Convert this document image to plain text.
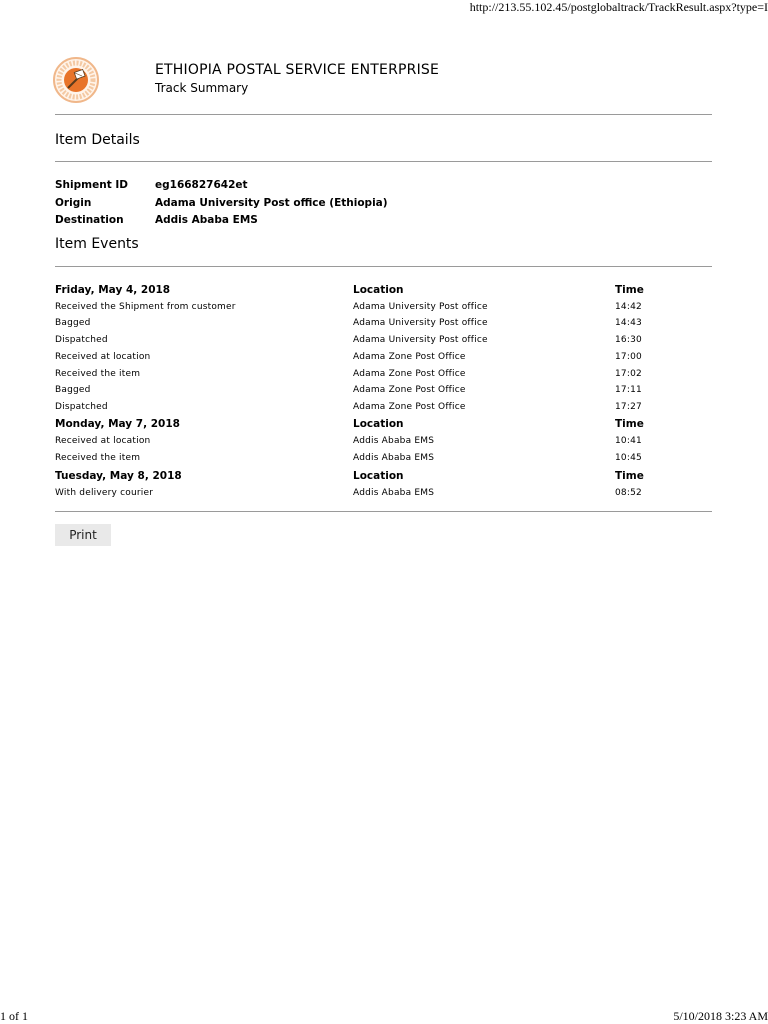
http://213.55.102.45/postglobaltrack/TrackResult.aspx?type=I
ETHIOPIA POSTAL SERVICE ENTERPRISE
Track Summary
Item Details
Shipment ID	eg166827642et
Origin	Adama University Post office (Ethiopia)
Destination	Addis Ababa EMS
Item Events
Friday, May 4, 2018	Location	Time
Received the Shipment from customer	Adama University Post office	14:42
Bagged	Adama University Post office	14:43
Dispatched	Adama University Post office	16:30
Received at location	Adama Zone Post Office	17:00
Received the item	Adama Zone Post Office	17:02
Bagged	Adama Zone Post Office	17:11
Dispatched	Adama Zone Post Office	17:27
Monday, May 7, 2018	Location	Time
Received at location	Addis Ababa EMS	10:41
Received the item	Addis Ababa EMS	10:45
Tuesday, May 8, 2018	Location	Time
With delivery courier	Addis Ababa EMS	08:52
Print
1 of 1	5/10/2018 3:23 AM
